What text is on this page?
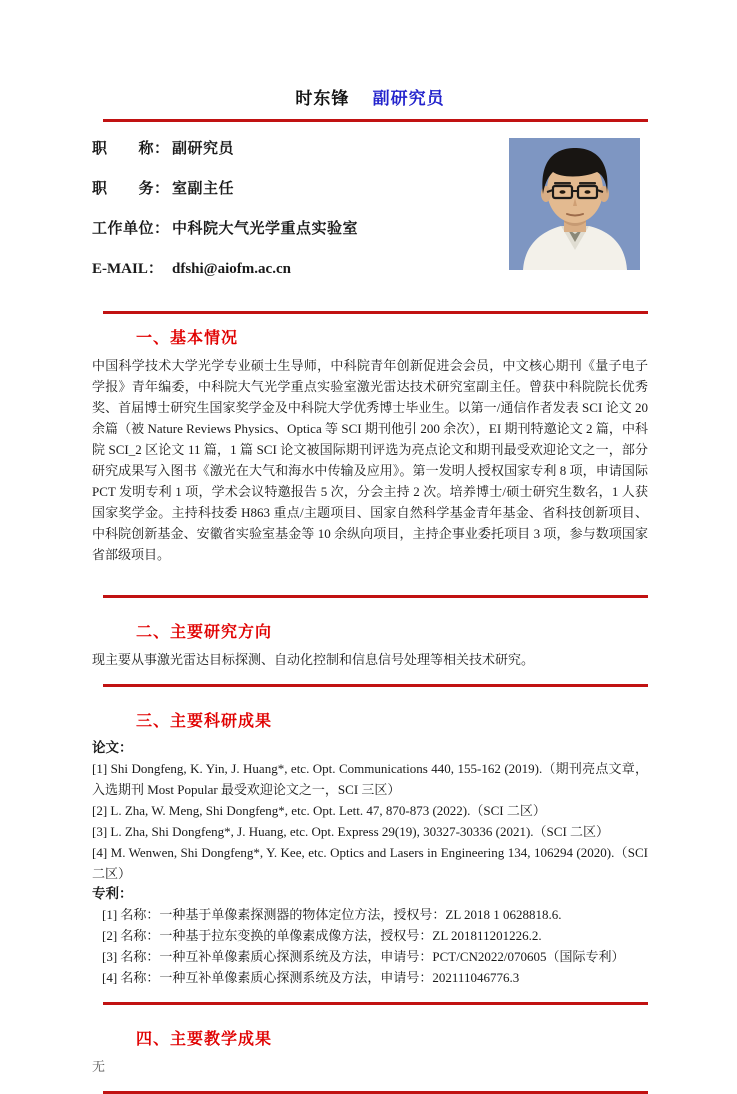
时东锋 副研究员
职　　称： 副研究员
职　　务： 室副主任
工作单位： 中科院大气光学重点实验室
E-MAIL： dfshi@aiofm.ac.cn
一、基本情况

中国科学技术大学光学专业硕士生导师，中科院青年创新促进会会员，中文核心期刊《量子电子学报》青年编委，中科院大气光学重点实验室激光雷达技术研究室副主任。曾获中科院院长优秀奖、首届博士研究生国家奖学金及中科院大学优秀博士毕业生。以第一/通信作者发表 SCI 论文 20 余篇（被 Nature Reviews Physics、Optica 等 SCI 期刊他引 200 余次），EI 期刊特邀论文 2 篇，中科院 SCI_2 区论文 11 篇，1 篇 SCI 论文被国际期刊评选为亮点论文和期刊最受欢迎论文之一，部分研究成果写入图书《激光在大气和海水中传输及应用》。第一发明人授权国家专利 8 项，申请国际 PCT 发明专利 1 项，学术会议特邀报告 5 次，分会主持 2 次。培养博士/硕士研究生数名，1 人获国家奖学金。主持科技委 H863 重点/主题项目、国家自然科学基金青年基金、省科技创新项目、中科院创新基金、安徽省实验室基金等 10 余纵向项目，主持企事业委托项目 3 项，参与数项国家省部级项目。

二、主要研究方向

现主要从事激光雷达目标探测、自动化控制和信息信号处理等相关技术研究。

三、主要科研成果

论文：

[1] Shi Dongfeng, K. Yin, J. Huang*, etc. Opt. Communications 440, 155-162 (2019).（期刊亮点文章，入选期刊 Most Popular 最受欢迎论文之一，SCI 三区）

[2] L. Zha, W. Meng, Shi Dongfeng*, etc. Opt. Lett. 47, 870-873 (2022).（SCI 二区）

[3] L. Zha, Shi Dongfeng*, J. Huang, etc. Opt. Express 29(19), 30327-30336 (2021).（SCI 二区）

[4] M. Wenwen, Shi Dongfeng*, Y. Kee, etc. Optics and Lasers in Engineering 134, 106294 (2020).（SCI 二区）

专利：

[1] 名称：一种基于单像素探测器的物体定位方法，授权号：ZL 2018 1 0628818.6.

[2] 名称：一种基于拉东变换的单像素成像方法，授权号：ZL 201811201226.2.

[3] 名称：一种互补单像素质心探测系统及方法，申请号：PCT/CN2022/070605（国际专利）

[4] 名称：一种互补单像素质心探测系统及方法，申请号：202111046776.3

四、主要教学成果

无
